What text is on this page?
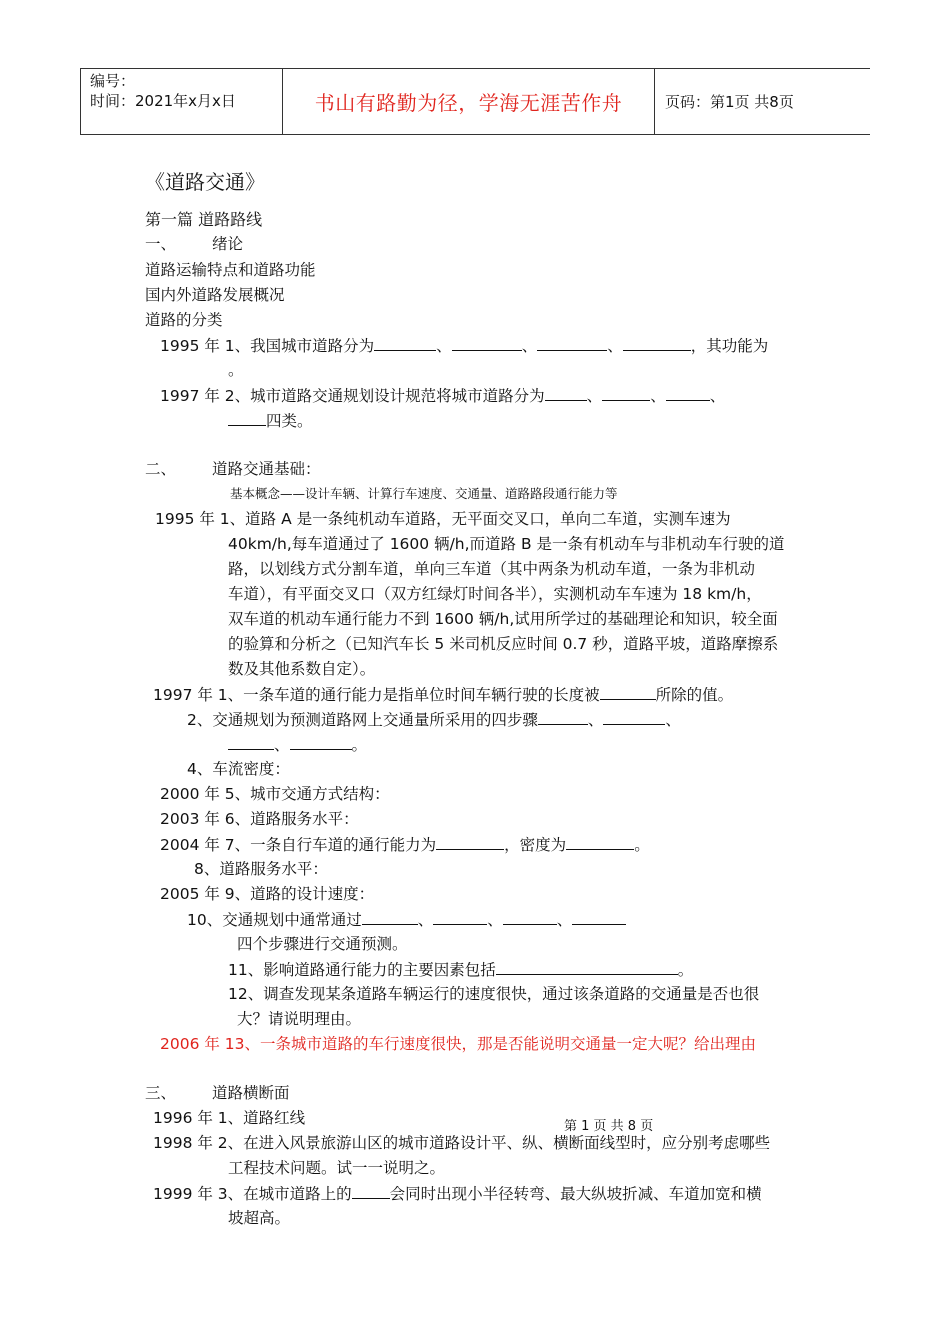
编号：
时间：2021年x月x日	书山有路勤为径，学海无涯苦作舟	页码：第1页 共8页
《道路交通》
第一篇 道路路线
一、 绪论
道路运输特点和道路功能
国内外道路发展概况
道路的分类
1995 年 1、我国城市道路分为	、	、	、	，其功能为
。
1997 年 2、城市道路交通规划设计规范将城市道路分为	、	、	、
四类。
二、 道路交通基础：
基本概念——设计车辆、计算行车速度、交通量、道路路段通行能力等
1995 年 1、道路 A 是一条纯机动车道路，无平面交叉口，单向二车道，实测车速为
40km/h,每车道通过了 1600 辆/h,而道路 B 是一条有机动车与非机动车行驶的道
路，以划线方式分割车道，单向三车道（其中两条为机动车道，一条为非机动
车道），有平面交叉口（双方红绿灯时间各半），实测机动车车速为 18 km/h，
双车道的机动车通行能力不到 1600 辆/h,试用所学过的基础理论和知识，较全面
的验算和分析之（已知汽车长 5 米司机反应时间 0.7 秒，道路平坡，道路摩擦系
数及其他系数自定）。
1997 年 1、一条车道的通行能力是指单位时间车辆行驶的长度被	所除的值。
2、交通规划为预测道路网上交通量所采用的四步骤	、	、
、	。
4、车流密度：
2000 年 5、城市交通方式结构：
2003 年 6、道路服务水平：
2004 年 7、一条自行车道的通行能力为	，密度为	。
8、道路服务水平：
2005 年 9、道路的设计速度：
10、交通规划中通常通过	、	、	、
四个步骤进行交通预测。
11、影响道路通行能力的主要因素包括	。
12、调查发现某条道路车辆运行的速度很快，通过该条道路的交通量是否也很
大？请说明理由。
2006 年 13、一条城市道路的车行速度很快，那是否能说明交通量一定大呢？给出理由
三、 道路横断面
1996 年 1、道路红线	第 1 页 共 8 页
1998 年 2、在进入风景旅游山区的城市道路设计平、纵、横断面线型时，应分别考虑哪些
工程技术问题。试一一说明之。
1999 年 3、在城市道路上的 会同时出现小半径转弯、最大纵坡折减、车道加宽和横
坡超高。
